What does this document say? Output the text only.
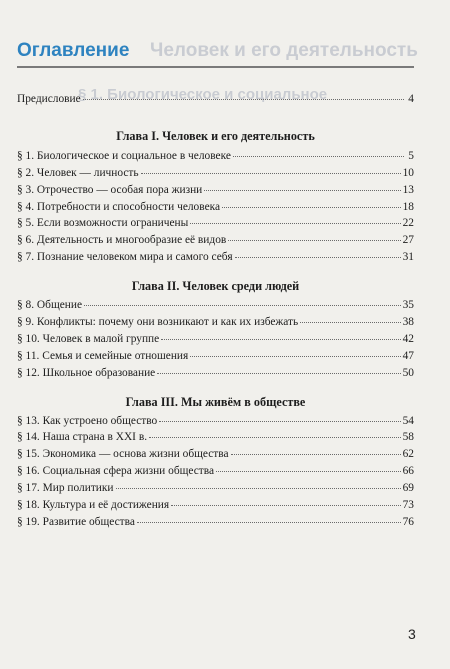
Человек и его деятельность
§ 1. Биологическое и социальное
Оглавление
Предисловие	4
Глава I. Человек и его деятельность
§ 1. Биологическое и социальное в человеке	5
§ 2. Человек — личность	10
§ 3. Отрочество — особая пора жизни	13
§ 4. Потребности и способности человека	18
§ 5. Если возможности ограничены	22
§ 6. Деятельность и многообразие её видов	27
§ 7. Познание человеком мира и самого себя	31
Глава II. Человек среди людей
§ 8. Общение	35
§ 9. Конфликты: почему они возникают и как их избежать	38
§ 10. Человек в малой группе	42
§ 11. Семья и семейные отношения	47
§ 12. Школьное образование	50
Глава III. Мы живём в обществе
§ 13. Как устроено общество	54
§ 14. Наша страна в XXI в.	58
§ 15. Экономика — основа жизни общества	62
§ 16. Социальная сфера жизни общества	66
§ 17. Мир политики	69
§ 18. Культура и её достижения	73
§ 19. Развитие общества	76
3
